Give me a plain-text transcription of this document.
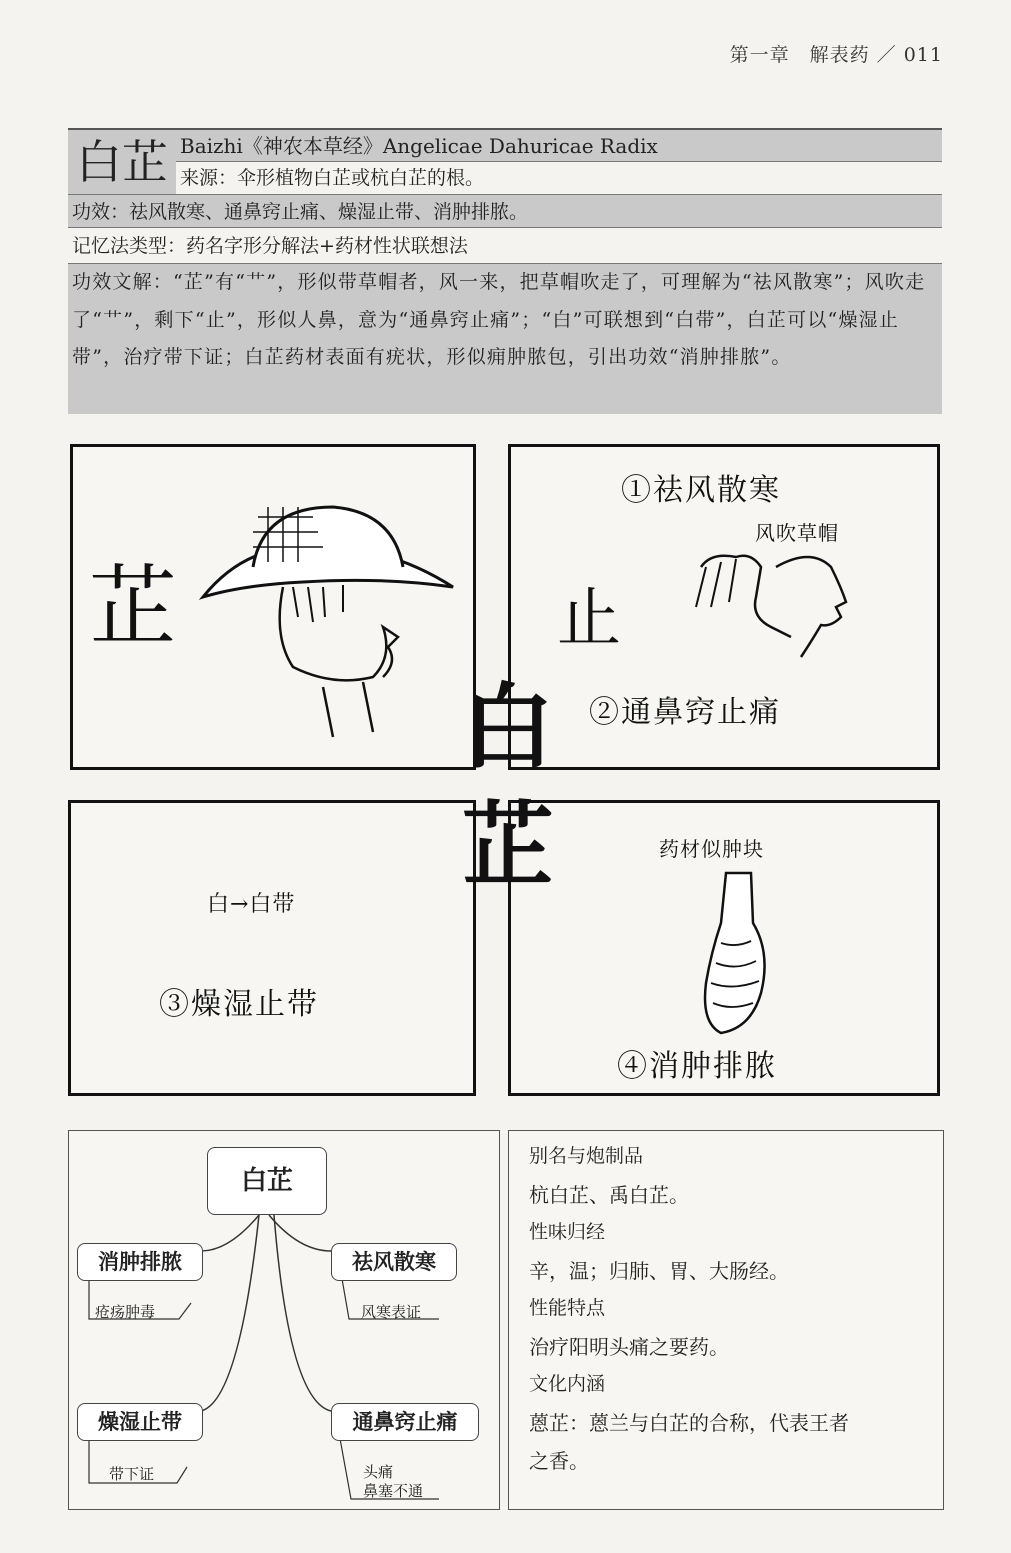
第一章　解表药 ／ 011
白芷 Baizhi《神农本草经》Angelicae Dahuricae Radix
来源：伞形植物白芷或杭白芷的根。
功效：祛风散寒、通鼻窍止痛、燥湿止带、消肿排脓。
记忆法类型：药名字形分解法+药材性状联想法
功效文解：“芷”有“艹”，形似带草帽者，风一来，把草帽吹走了，可理解为“祛风散寒”；风吹走了“艹”，剩下“止”，形似人鼻，意为“通鼻窍止痛”；“白”可联想到“白带”，白芷可以“燥湿止带”，治疗带下证；白芷药材表面有疣状，形似痈肿脓包，引出功效“消肿排脓”。
芷
①祛风散寒
风吹草帽
止
②通鼻窍止痛
白→白带
③燥湿止带
药材似肿块
④消肿排脓
白
芷
白芷
消肿排脓
疮疡肿毒
祛风散寒
风寒表证
燥湿止带
带下证
通鼻窍止痛
头痛
鼻塞不通
别名与炮制品
杭白芷、禹白芷。
性味归经
辛，温；归肺、胃、大肠经。
性能特点
治疗阳明头痛之要药。
文化内涵
蒽芷：蒽兰与白芷的合称，代表王者
之香。
